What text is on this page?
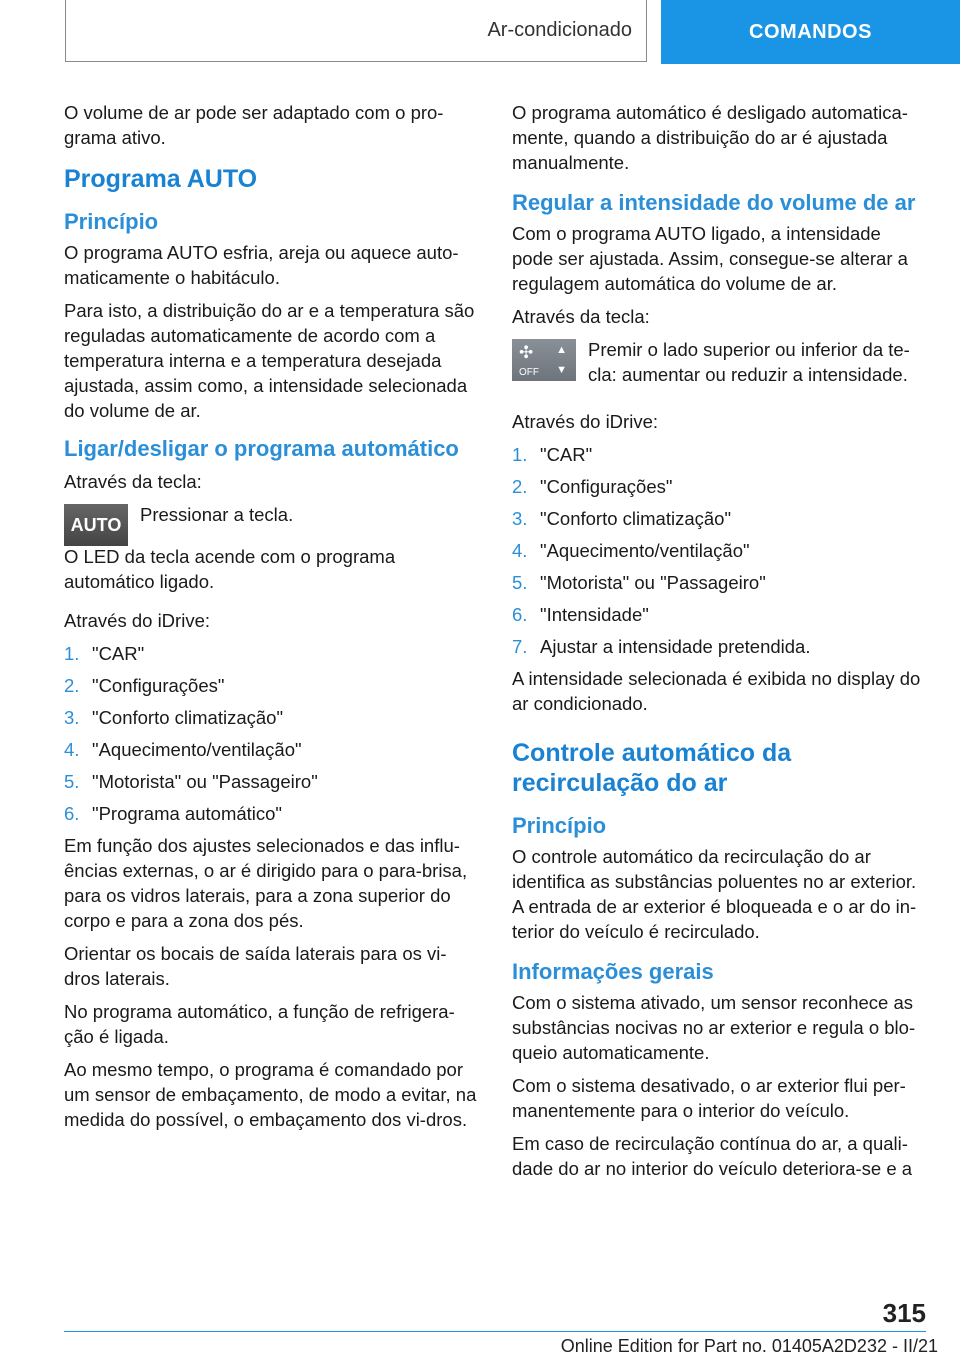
Ar-condicionado	COMANDOS

O volume de ar pode ser adaptado com o pro-grama ativo.

Programa AUTO
Princípio

O programa AUTO esfria, areja ou aquece auto-maticamente o habitáculo.

Para isto, a distribuição do ar e a temperatura são reguladas automaticamente de acordo com a temperatura interna e a temperatura desejada ajustada, assim como, a intensidade selecionada do volume de ar.

Ligar/desligar o programa automático

Através da tecla:

AUTO Pressionar a tecla.

O LED da tecla acende com o programa automático ligado.

Através do iDrive:

1. "CAR"
2. "Configurações"
3. "Conforto climatização"
4. "Aquecimento/ventilação"
5. "Motorista" ou "Passageiro"
6. "Programa automático"

Em função dos ajustes selecionados e das influ-ências externas, o ar é dirigido para o para-brisa, para os vidros laterais, para a zona superior do corpo e para a zona dos pés.

Orientar os bocais de saída laterais para os vi-dros laterais.

No programa automático, a função de refrigera-ção é ligada.

Ao mesmo tempo, o programa é comandado por um sensor de embaçamento, de modo a evitar, na medida do possível, o embaçamento dos vi-dros.

O programa automático é desligado automatica-mente, quando a distribuição do ar é ajustada manualmente.

Regular a intensidade do volume de ar

Com o programa AUTO ligado, a intensidade pode ser ajustada. Assim, consegue-se alterar a regulagem automática do volume de ar.

Através da tecla:

✣
OFF
▲
▼

Premir o lado superior ou inferior da te-cla: aumentar ou reduzir a intensidade.

Através do iDrive:

1. "CAR"
2. "Configurações"
3. "Conforto climatização"
4. "Aquecimento/ventilação"
5. "Motorista" ou "Passageiro"
6. "Intensidade"
7. Ajustar a intensidade pretendida.

A intensidade selecionada é exibida no display do ar condicionado.

Controle automático da recirculação do ar
Princípio

O controle automático da recirculação do ar identifica as substâncias poluentes no ar exterior. A entrada de ar exterior é bloqueada e o ar do in-terior do veículo é recirculado.

Informações gerais

Com o sistema ativado, um sensor reconhece as substâncias nocivas no ar exterior e regula o blo-queio automaticamente.

Com o sistema desativado, o ar exterior flui per-manentemente para o interior do veículo.

Em caso de recirculação contínua do ar, a quali-dade do ar no interior do veículo deteriora-se e a

315
Online Edition for Part no. 01405A2D232 - II/21
